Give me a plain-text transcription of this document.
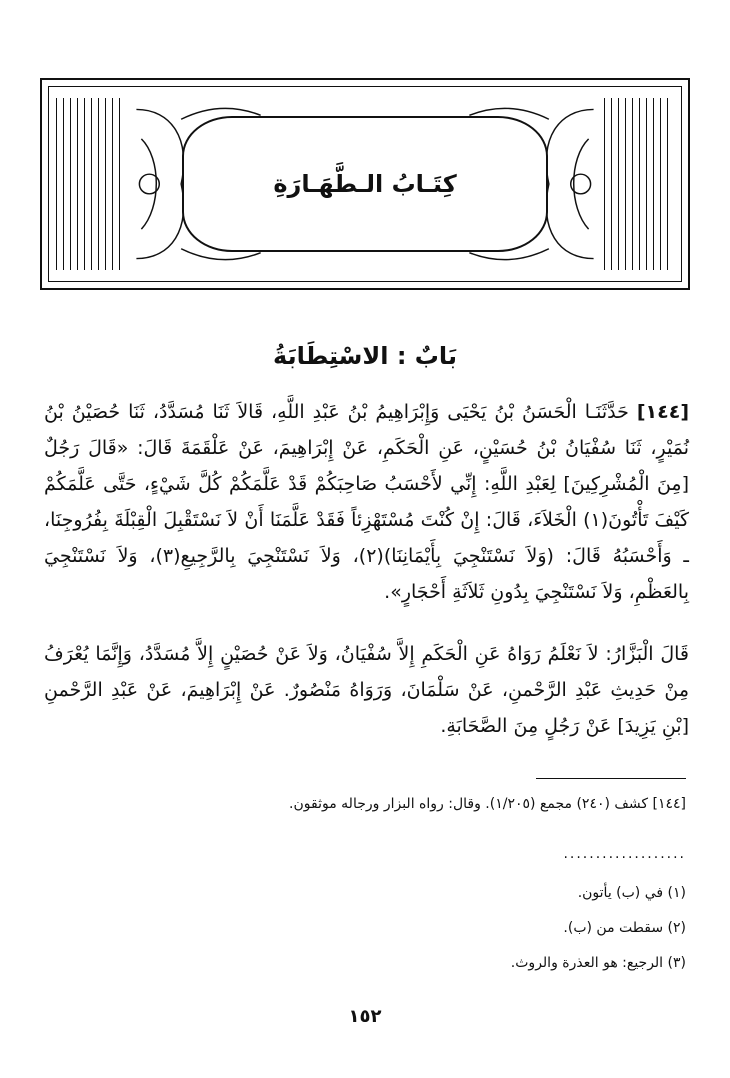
كِتَـابُ الـطَّهَـارَةِ
بَابٌ : الاسْتِطَابَةُ
[١٤٤] حَدَّثَنَـا الْحَسَنُ بْنُ يَحْيَى وَإِبْرَاهِيمُ بْنُ عَبْدِ اللَّهِ، قَالاَ ثَنَا مُسَدَّدُ، ثَنَا حُصَيْنُ بْنُ نُمَيْرٍ، ثَنَا سُفْيَانُ بْنُ حُسَيْنٍ، عَنِ الْحَكَمِ، عَنْ إِبْرَاهِيمَ، عَنْ عَلْقَمَةَ قَالَ: «قَالَ رَجُلٌ [مِنَ الْمُشْرِكِينَ] لِعَبْدِ اللَّهِ: إِنِّي لأَحْسَبُ صَاحِبَكُمْ قَدْ عَلَّمَكُمْ كُلَّ شَيْءٍ، حَتَّى عَلَّمَكُمْ كَيْفَ تَأْتُونَ(١) الْخَلاَءَ، قَالَ: إِنْ كُنْتَ مُسْتَهْزِئاً فَقَدْ عَلَّمَنَا أَنْ لاَ نَسْتَقْبِلَ الْقِبْلَةَ بِفُرُوجِنَا، ـ وَأَحْسَبُهُ قَالَ: (وَلاَ نَسْتَنْجِيَ بِأَيْمَانِنَا)(٢)، وَلاَ نَسْتَنْجِيَ بِالرَّجِيعِ(٣)، وَلاَ نَسْتَنْجِيَ بِالعَظْمِ، وَلاَ نَسْتَنْجِيَ بِدُونِ ثَلاَثَةِ أَحْجَارٍ».
قَالَ الْبَزَّارُ: لاَ نَعْلَمُ رَوَاهُ عَنِ الْحَكَمِ إِلاَّ سُفْيَانُ، وَلاَ عَنْ حُصَيْنٍ إِلاَّ مُسَدَّدُ، وَإِنَّمَا يُعْرَفُ مِنْ حَدِيثِ عَبْدِ الرَّحْمنِ، عَنْ سَلْمَانَ، وَرَوَاهُ مَنْصُورٌ. عَنْ إِبْرَاهِيمَ، عَنْ عَبْدِ الرَّحْمنِ [بْنِ يَزِيدَ] عَنْ رَجُلٍ مِنَ الصَّحَابَةِ.
[١٤٤] كشف (٢٤٠) مجمع (١/٢٠٥). وقال: رواه البزار ورجاله موثقون.
...................
(١) في (ب) يأتون.
(٢) سقطت من (ب).
(٣) الرجيع: هو العذرة والروث.
١٥٢
